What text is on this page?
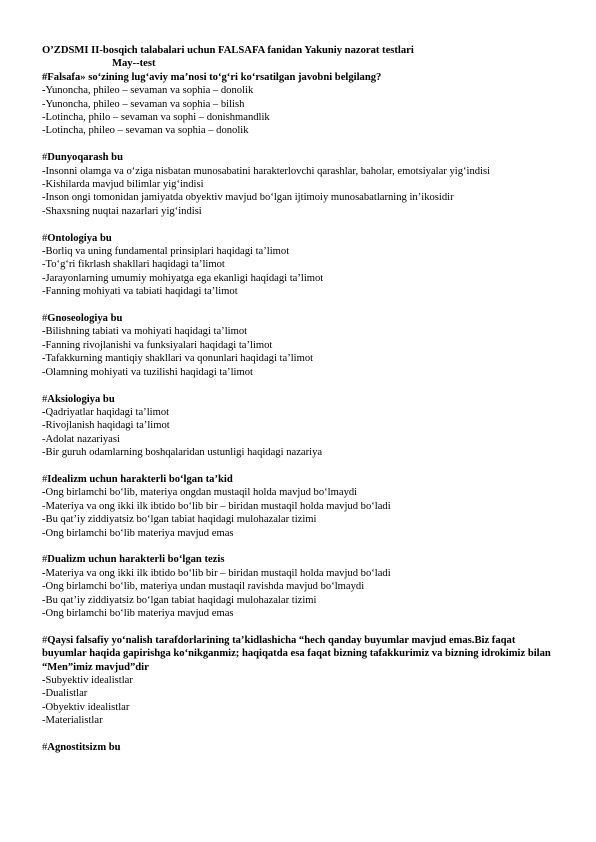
O’ZDSMI II-bosqich talabalari uchun FALSAFA fanidan Yakuniy nazorat testlari
May--test
#Falsafa» so‘zining lug‘aviy ma’nosi to‘g‘ri ko‘rsatilgan javobni belgilang?
-Yunoncha, phileo – sevaman va sophia – donolik
-Yunoncha, phileo – sevaman va sophia – bilish
-Lotincha, philo – sevaman va sophi – donishmandlik
-Lotincha, phileo – sevaman va sophia – donolik
#Dunyoqarash bu
-Insonni olamga va o‘ziga nisbatan munosabatini harakterlovchi qarashlar, baholar, emotsiyalar yig‘indisi
-Kishilarda mavjud bilimlar yig‘indisi
-Inson ongi tomonidan jamiyatda obyektiv mavjud bo‘lgan ijtimoiy munosabatlarning in’ikosidir
-Shaxsning nuqtai nazarlari yig‘indisi
#Ontologiya bu
-Borliq va uning fundamental prinsiplari haqidagi ta’limot
-To‘g‘ri fikrlash shakllari haqidagi ta’limot
-Jarayonlarning umumiy mohiyatga ega ekanligi haqidagi ta’limot
-Fanning mohiyati va tabiati haqidagi ta’limot
#Gnoseologiya bu
-Bilishning tabiati va mohiyati haqidagi ta’limot
-Fanning rivojlanishi va funksiyalari haqidagi ta’limot
-Tafakkurning mantiqiy shakllari va qonunlari haqidagi ta’limot
-Olamning mohiyati va tuzilishi haqidagi ta’limot
#Aksiologiya bu
-Qadriyatlar haqidagi ta’limot
-Rivojlanish haqidagi ta’limot
-Adolat nazariyasi
-Bir guruh odamlarning boshqalaridan ustunligi haqidagi nazariya
#Idealizm uchun harakterli bo‘lgan ta’kid
-Ong birlamchi bo‘lib, materiya ongdan mustaqil holda mavjud bo‘lmaydi
-Materiya va ong ikki ilk ibtido bo‘lib bir – biridan mustaqil holda mavjud bo‘ladi
-Bu qat’iy ziddiyatsiz bo‘lgan tabiat haqidagi mulohazalar tizimi
-Ong birlamchi bo‘lib materiya mavjud emas
#Dualizm uchun harakterli bo‘lgan tezis
-Materiya va ong ikki ilk ibtido bo‘lib bir – biridan mustaqil holda mavjud bo‘ladi
-Ong birlamchi bo‘lib, materiya undan mustaqil ravishda mavjud bo‘lmaydi
-Bu qat’iy ziddiyatsiz bo‘lgan tabiat haqidagi mulohazalar tizimi
-Ong birlamchi bo‘lib materiya mavjud emas
#Qaysi falsafiy yo‘nalish tarafdorlarining ta’kidlashicha “hech qanday buyumlar mavjud emas.Biz faqat buyumlar haqida gapirishga ko‘nikganmiz; haqiqatda esa faqat bizning tafakkurimiz va bizning idrokimiz bilan “Men”imiz mavjud”dir
-Subyektiv idealistlar
-Dualistlar
-Obyektiv idealistlar
-Materialistlar
#Agnostitsizm bu
